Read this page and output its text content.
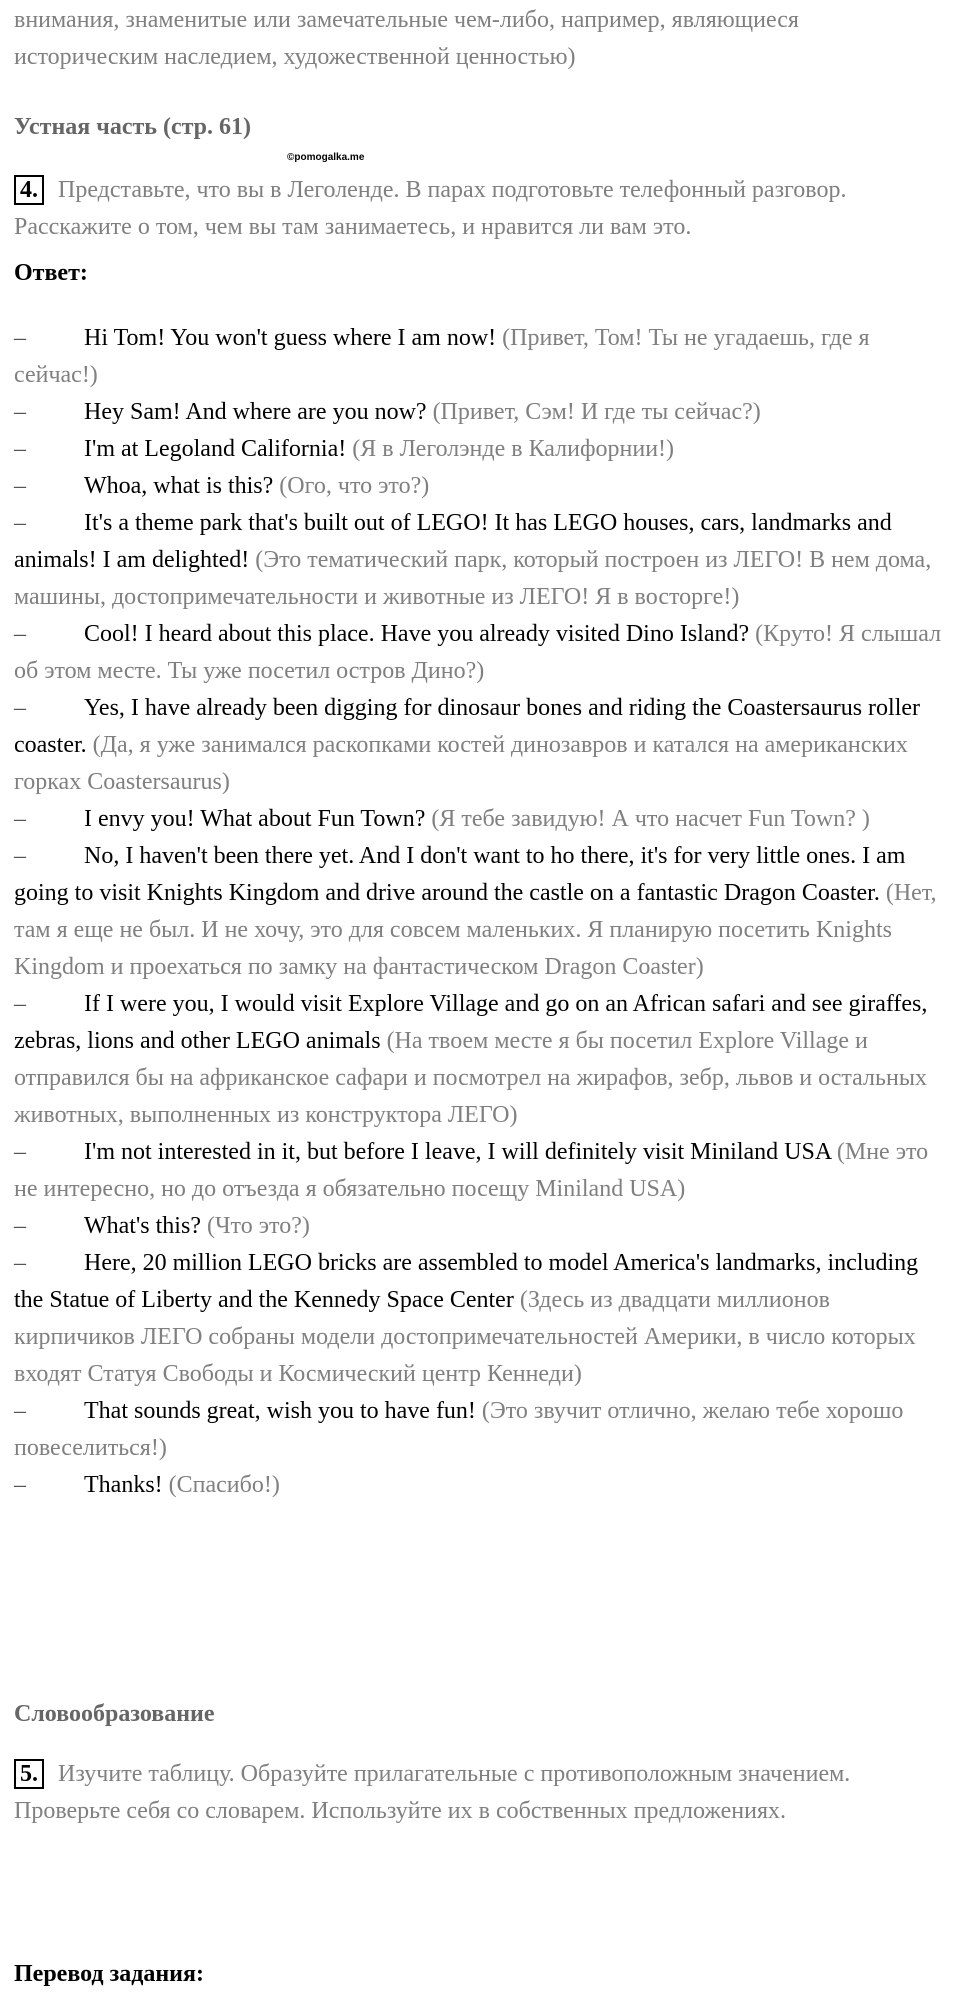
внимания, знаменитые или замечательные чем-либо, например, являющиеся историческим наследием, художественной ценностью)
Устная часть (стр. 61)
©pomogalka.me
4. Представьте, что вы в Леголенде. В парах подготовьте телефонный разговор. Расскажите о том, чем вы там занимаетесь, и нравится ли вам это.
Ответ:

– Hi Tom! You won't guess where I am now! (Привет, Том! Ты не угадаешь, где я сейчас!)

– Hey Sam! And where are you now? (Привет, Сэм! И где ты сейчас?)

– I'm at Legoland California! (Я в Леголэнде в Калифорнии!)

– Whoa, what is this? (Ого, что это?)

– It's a theme park that's built out of LEGO! It has LEGO houses, cars, landmarks and animals! I am delighted! (Это тематический парк, который построен из ЛЕГО! В нем дома, машины, достопримечательности и животные из ЛЕГО! Я в восторге!)

– Cool! I heard about this place. Have you already visited Dino Island? (Круто! Я слышал об этом месте. Ты уже посетил остров Дино?)

– Yes, I have already been digging for dinosaur bones and riding the Coastersaurus roller coaster. (Да, я уже занимался раскопками костей динозавров и катался на американских горках Coastersaurus)

– I envy you! What about Fun Town? (Я тебе завидую! А что насчет Fun Town? )

– No, I haven't been there yet. And I don't want to ho there, it's for very little ones. I am going to visit Knights Kingdom and drive around the castle on a fantastic Dragon Coaster. (Нет, там я еще не был. И не хочу, это для совсем маленьких. Я планирую посетить Knights Kingdom и проехаться по замку на фантастическом Dragon Coaster)

– If I were you, I would visit Explore Village and go on an African safari and see giraffes, zebras, lions and other LEGO animals (На твоем месте я бы посетил Explore Village и отправился бы на африканское сафари и посмотрел на жирафов, зебр, львов и остальных животных, выполненных из конструктора ЛЕГО)

– I'm not interested in it, but before I leave, I will definitely visit Miniland USA (Мне это не интересно, но до отъезда я обязательно посещу Miniland USA)

– What's this? (Что это?)

– Here, 20 million LEGO bricks are assembled to model America's landmarks, including the Statue of Liberty and the Kennedy Space Center (Здесь из двадцати миллионов кирпичиков ЛЕГО собраны модели достопримечательностей Америки, в число которых входят Статуя Свободы и Космический центр Кеннеди)

– That sounds great, wish you to have fun! (Это звучит отлично, желаю тебе хорошо повеселиться!)

– Thanks! (Спасибо!)

Словообразование
5. Изучите таблицу. Образуйте прилагательные с противоположным значением. Проверьте себя со словарем. Используйте их в собственных предложениях.
Перевод задания:
